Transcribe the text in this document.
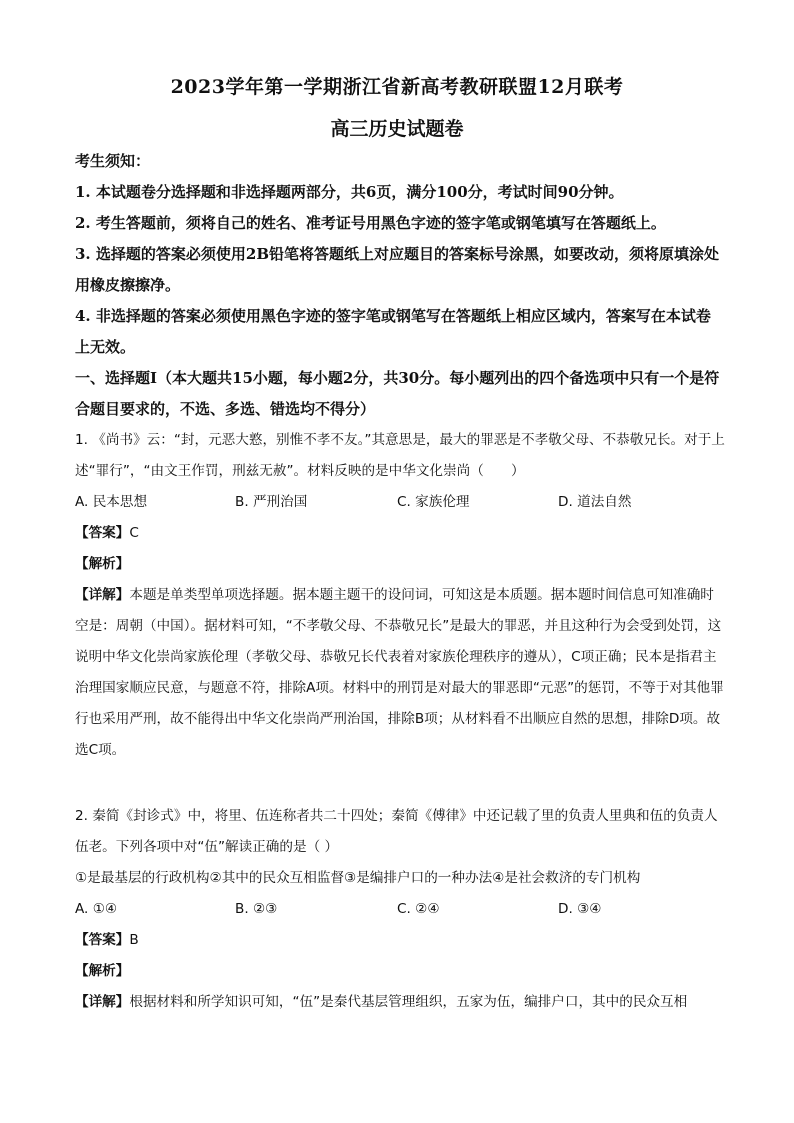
2023学年第一学期浙江省新高考教研联盟12月联考
高三历史试题卷
考生须知：
1. 本试题卷分选择题和非选择题两部分，共6页，满分100分，考试时间90分钟。
2. 考生答题前，须将自己的姓名、准考证号用黑色字迹的签字笔或钢笔填写在答题纸上。
3. 选择题的答案必须使用2B铅笔将答题纸上对应题目的答案标号涂黑，如要改动，须将原填涂处用橡皮擦擦净。
4. 非选择题的答案必须使用黑色字迹的签字笔或钢笔写在答题纸上相应区域内，答案写在本试卷上无效。
一、选择题Ⅰ（本大题共15小题，每小题2分，共30分。每小题列出的四个备选项中只有一个是符合题目要求的，不选、多选、错选均不得分）
1. 《尚书》云：“封，元恶大憝，别惟不孝不友。”其意思是，最大的罪恶是不孝敬父母、不恭敬兄长。对于上述“罪行”，“由文王作罚，刑兹无赦”。材料反映的是中华文化崇尚（　　）
A. 民本思想	B. 严刑治国	C. 家族伦理	D. 道法自然
【答案】C
【解析】
【详解】本题是单类型单项选择题。据本题主题干的设问词，可知这是本质题。据本题时间信息可知准确时空是：周朝（中国）。据材料可知，“不孝敬父母、不恭敬兄长”是最大的罪恶，并且这种行为会受到处罚，这说明中华文化崇尚家族伦理（孝敬父母、恭敬兄长代表着对家族伦理秩序的遵从），C项正确；民本是指君主治理国家顺应民意，与题意不符，排除A项。材料中的刑罚是对最大的罪恶即“元恶”的惩罚，不等于对其他罪行也采用严刑，故不能得出中华文化崇尚严刑治国，排除B项；从材料看不出顺应自然的思想，排除D项。故选C项。
2. 秦简《封诊式》中，将里、伍连称者共二十四处；秦简《傅律》中还记载了里的负责人里典和伍的负责人伍老。下列各项中对“伍”解读正确的是（ ）
①是最基层的行政机构②其中的民众互相监督③是编排户口的一种办法④是社会救济的专门机构
A. ①④	B. ②③	C. ②④	D. ③④
【答案】B
【解析】
【详解】根据材料和所学知识可知，“伍”是秦代基层管理组织，五家为伍，编排户口，其中的民众互相
